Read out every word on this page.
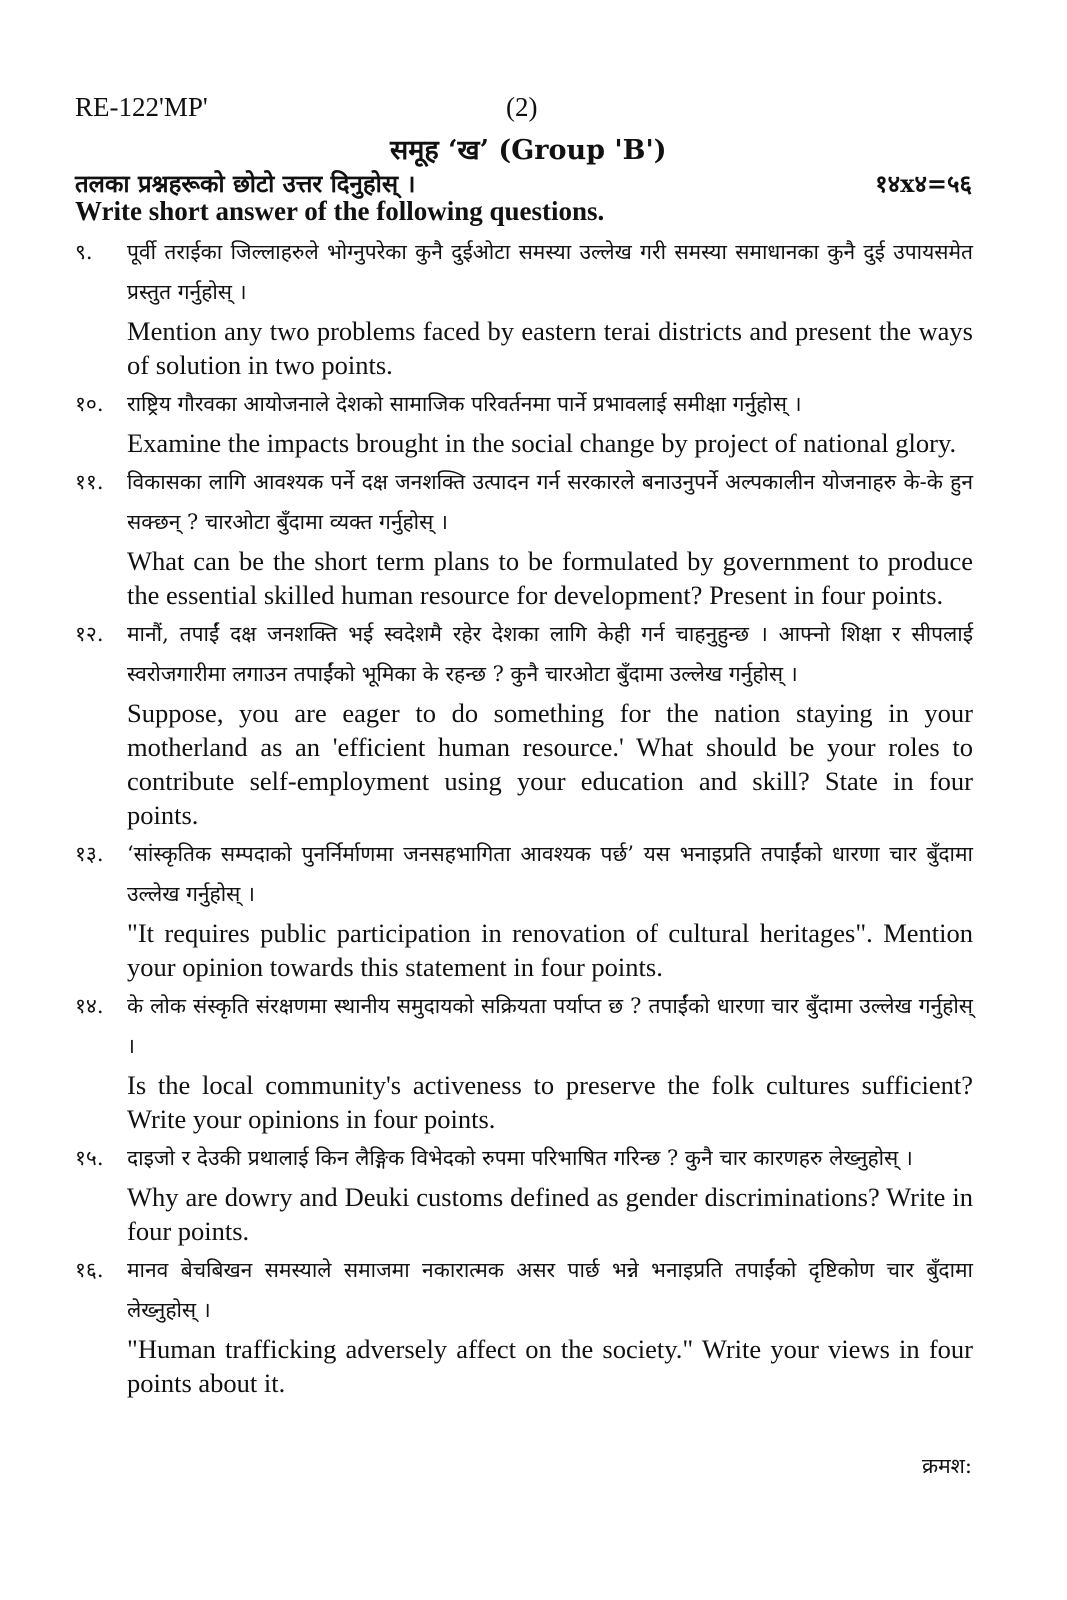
RE-122'MP'	(2)
समूह ‘ख’ (Group 'B')
तलका प्रश्नहरूको छोटो उत्तर दिनुहोस् ।	१४x४=५६
Write short answer of the following questions.
९. पूर्वी तराईका जिल्लाहरुले भोग्नुपरेका कुनै दुईओटा समस्या उल्लेख गरी समस्या समाधानका कुनै दुई उपायसमेत प्रस्तुत गर्नुहोस् ।
Mention any two problems faced by eastern terai districts and present the ways of solution in two points.
१०. राष्ट्रिय गौरवका आयोजनाले देशको सामाजिक परिवर्तनमा पार्ने प्रभावलाई समीक्षा गर्नुहोस् ।
Examine the impacts brought in the social change by project of national glory.
११. विकासका लागि आवश्यक पर्ने दक्ष जनशक्ति उत्पादन गर्न सरकारले बनाउनुपर्ने अल्पकालीन योजनाहरु के-के हुन सक्छन् ? चारओटा बुँदामा व्यक्त गर्नुहोस् ।
What can be the short term plans to be formulated by government to produce the essential skilled human resource for development? Present in four points.
१२. मानौं, तपाईं दक्ष जनशक्ति भई स्वदेशमै रहेर देशका लागि केही गर्न चाहनुहुन्छ । आफ्नो शिक्षा र सीपलाई स्वरोजगारीमा लगाउन तपाईंको भूमिका के रहन्छ ? कुनै चारओटा बुँदामा उल्लेख गर्नुहोस् ।
Suppose, you are eager to do something for the nation staying in your motherland as an 'efficient human resource.' What should be your roles to contribute self-employment using your education and skill? State in four points.
१३. ‘सांस्कृतिक सम्पदाको पुनर्निर्माणमा जनसहभागिता आवश्यक पर्छ’ यस भनाइप्रति तपाईंको धारणा चार बुँदामा उल्लेख गर्नुहोस् ।
"It requires public participation in renovation of cultural heritages". Mention your opinion towards this statement in four points.
१४. के लोक संस्कृति संरक्षणमा स्थानीय समुदायको सक्रियता पर्याप्त छ ? तपाईंको धारणा चार बुँदामा उल्लेख गर्नुहोस् ।
Is the local community's activeness to preserve the folk cultures sufficient? Write your opinions in four points.
१५. दाइजो र देउकी प्रथालाई किन लैङ्गिक विभेदको रुपमा परिभाषित गरिन्छ ? कुनै चार कारणहरु लेख्नुहोस् ।
Why are dowry and Deuki customs defined as gender discriminations? Write in four points.
१६. मानव बेचबिखन समस्याले समाजमा नकारात्मक असर पार्छ भन्ने भनाइप्रति तपाईंको दृष्टिकोण चार बुँदामा लेख्नुहोस् ।
"Human trafficking adversely affect on the society." Write your views in four points about it.
क्रमश:
